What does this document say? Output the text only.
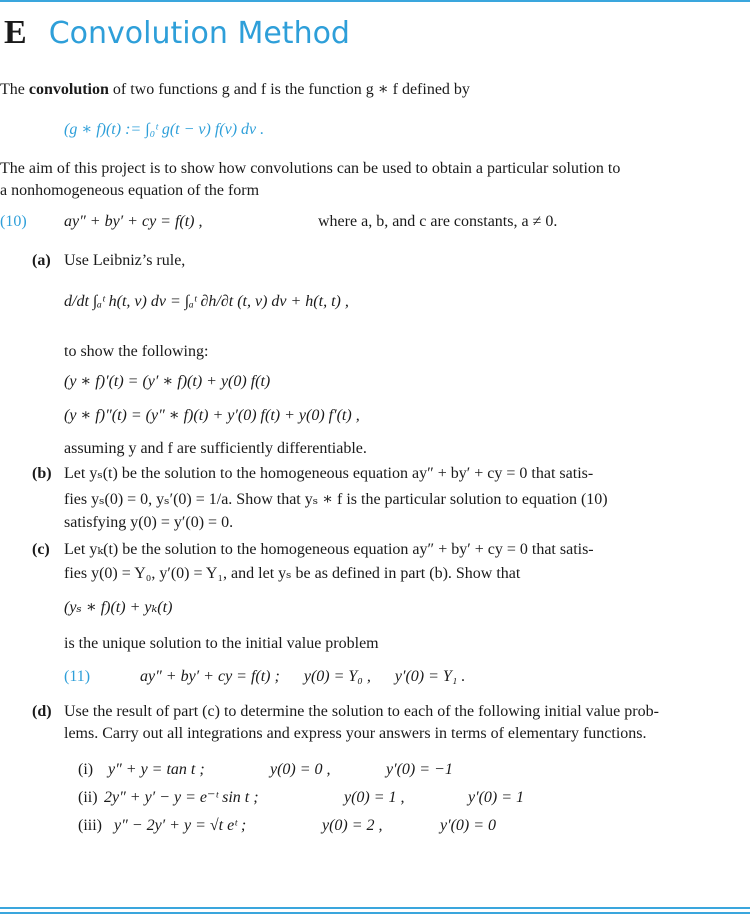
E Convolution Method
The convolution of two functions g and f is the function g ∗ f defined by
(g ∗ f)(t) := ∫₀ᵗ g(t − v) f(v) dv .
The aim of this project is to show how convolutions can be used to obtain a particular solution to
a nonhomogeneous equation of the form
(10) ay″ + by′ + cy = f(t) ,	where a, b, and c are constants, a ≠ 0.
(a) Use Leibniz’s rule,
d/dt ∫ₐᵗ h(t, v) dv = ∫ₐᵗ ∂h/∂t (t, v) dv + h(t, t) ,
to show the following:
(y ∗ f)′(t) = (y′ ∗ f)(t) + y(0) f(t)
(y ∗ f)″(t) = (y″ ∗ f)(t) + y′(0) f(t) + y(0) f′(t) ,
assuming y and f are sufficiently differentiable.
(b) Let yₛ(t) be the solution to the homogeneous equation ay″ + by′ + cy = 0 that satis-
fies yₛ(0) = 0, yₛ′(0) = 1/a. Show that yₛ ∗ f is the particular solution to equation (10)
satisfying y(0) = y′(0) = 0.
(c) Let yₖ(t) be the solution to the homogeneous equation ay″ + by′ + cy = 0 that satis-
fies y(0) = Y₀, y′(0) = Y₁, and let yₛ be as defined in part (b). Show that
(yₛ ∗ f)(t) + yₖ(t)
is the unique solution to the initial value problem
(11)	ay″ + by′ + cy = f(t) ;      y(0) = Y₀ ,      y′(0) = Y₁ .
(d) Use the result of part (c) to determine the solution to each of the following initial value prob-
lems. Carry out all integrations and express your answers in terms of elementary functions.
(i) y″ + y = tan t ;	y(0) = 0 ,	y′(0) = −1
(ii) 2y″ + y′ − y = e⁻ᵗ sin t ;	y(0) = 1 ,	y′(0) = 1
(iii) y″ − 2y′ + y = √t eᵗ ;	y(0) = 2 ,	y′(0) = 0
